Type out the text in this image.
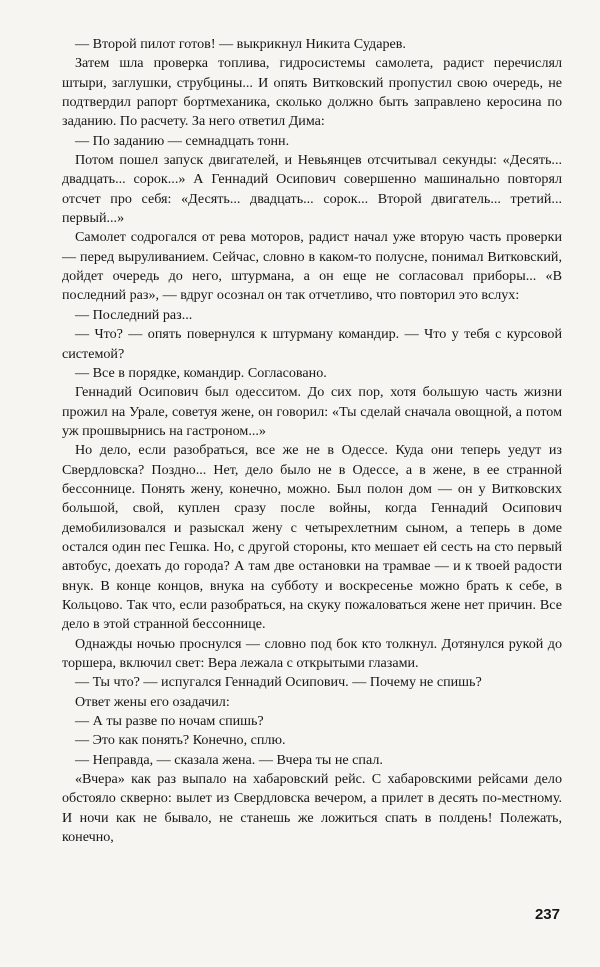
— Второй пилот готов! — выкрикнул Никита Сударев.

Затем шла проверка топлива, гидросистемы самолета, радист перечислял штыри, заглушки, струбцины... И опять Витковский пропустил свою очередь, не подтвердил рапорт бортмеханика, сколько должно быть заправлено керосина по заданию. По расчету. За него ответил Дима:

— По заданию — семнадцать тонн.

Потом пошел запуск двигателей, и Невьянцев отсчитывал секунды: «Десять... двадцать... сорок...» А Геннадий Осипович совершенно машинально повторял отсчет про себя: «Десять... двадцать... сорок... Второй двигатель... третий... первый...»

Самолет содрогался от рева моторов, радист начал уже вторую часть проверки — перед выруливанием. Сейчас, словно в каком-то полусне, понимал Витковский, дойдет очередь до него, штурмана, а он еще не согласовал приборы... «В последний раз», — вдруг осознал он так отчетливо, что повторил это вслух:

— Последний раз...

— Что? — опять повернулся к штурману командир. — Что у тебя с курсовой системой?

— Все в порядке, командир. Согласовано.

Геннадий Осипович был одесситом. До сих пор, хотя большую часть жизни прожил на Урале, советуя жене, он говорил: «Ты сделай сначала овощной, а потом уж прошвырнись на гастроном...»

Но дело, если разобраться, все же не в Одессе. Куда они теперь уедут из Свердловска? Поздно... Нет, дело было не в Одессе, а в жене, в ее странной бессоннице. Понять жену, конечно, можно. Был полон дом — он у Витковских большой, свой, куплен сразу после войны, когда Геннадий Осипович демобилизовался и разыскал жену с четырехлетним сыном, а теперь в доме остался один пес Гешка. Но, с другой стороны, кто мешает ей сесть на сто первый автобус, доехать до города? А там две остановки на трамвае — и к твоей радости внук. В конце концов, внука на субботу и воскресенье можно брать к себе, в Кольцово. Так что, если разобраться, на скуку пожаловаться жене нет причин. Все дело в этой странной бессоннице.

Однажды ночью проснулся — словно под бок кто толкнул. Дотянулся рукой до торшера, включил свет: Вера лежала с открытыми глазами.

— Ты что? — испугался Геннадий Осипович. — Почему не спишь?

Ответ жены его озадачил:

— А ты разве по ночам спишь?

— Это как понять? Конечно, сплю.

— Неправда, — сказала жена. — Вчера ты не спал.

«Вчера» как раз выпало на хабаровский рейс. С хабаровскими рейсами дело обстояло скверно: вылет из Свердловска вечером, а прилет в десять по-местному. И ночи как не бывало, не станешь же ложиться спать в полдень! Полежать, конечно,

237
